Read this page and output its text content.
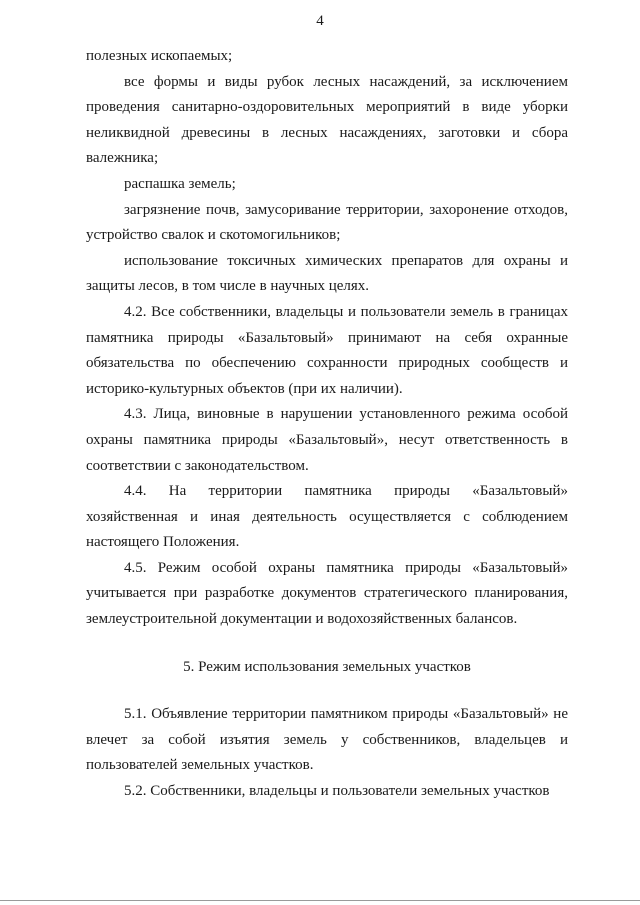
4

полезных ископаемых;

все формы и виды рубок лесных насаждений, за исключением проведения санитарно-оздоровительных мероприятий в виде уборки неликвидной древесины в лесных насаждениях, заготовки и сбора валежника;

распашка земель;

загрязнение почв, замусоривание территории, захоронение отходов, устройство свалок и скотомогильников;

использование токсичных химических препаратов для охраны и защиты лесов, в том числе в научных целях.

4.2. Все собственники, владельцы и пользователи земель в границах памятника природы «Базальтовый» принимают на себя охранные обязательства по обеспечению сохранности природных сообществ и историко-культурных объектов (при их наличии).

4.3. Лица, виновные в нарушении установленного режима особой охраны памятника природы «Базальтовый», несут ответственность в соответствии с законодательством.

4.4. На территории памятника природы «Базальтовый» хозяйственная и иная деятельность осуществляется с соблюдением настоящего Положения.

4.5. Режим особой охраны памятника природы «Базальтовый» учитывается при разработке документов стратегического планирования, землеустроительной документации и водохозяйственных балансов.

5. Режим использования земельных участков

5.1. Объявление территории памятником природы «Базальтовый» не влечет за собой изъятия земель у собственников, владельцев и пользователей земельных участков.

5.2. Собственники, владельцы и пользователи земельных участков
